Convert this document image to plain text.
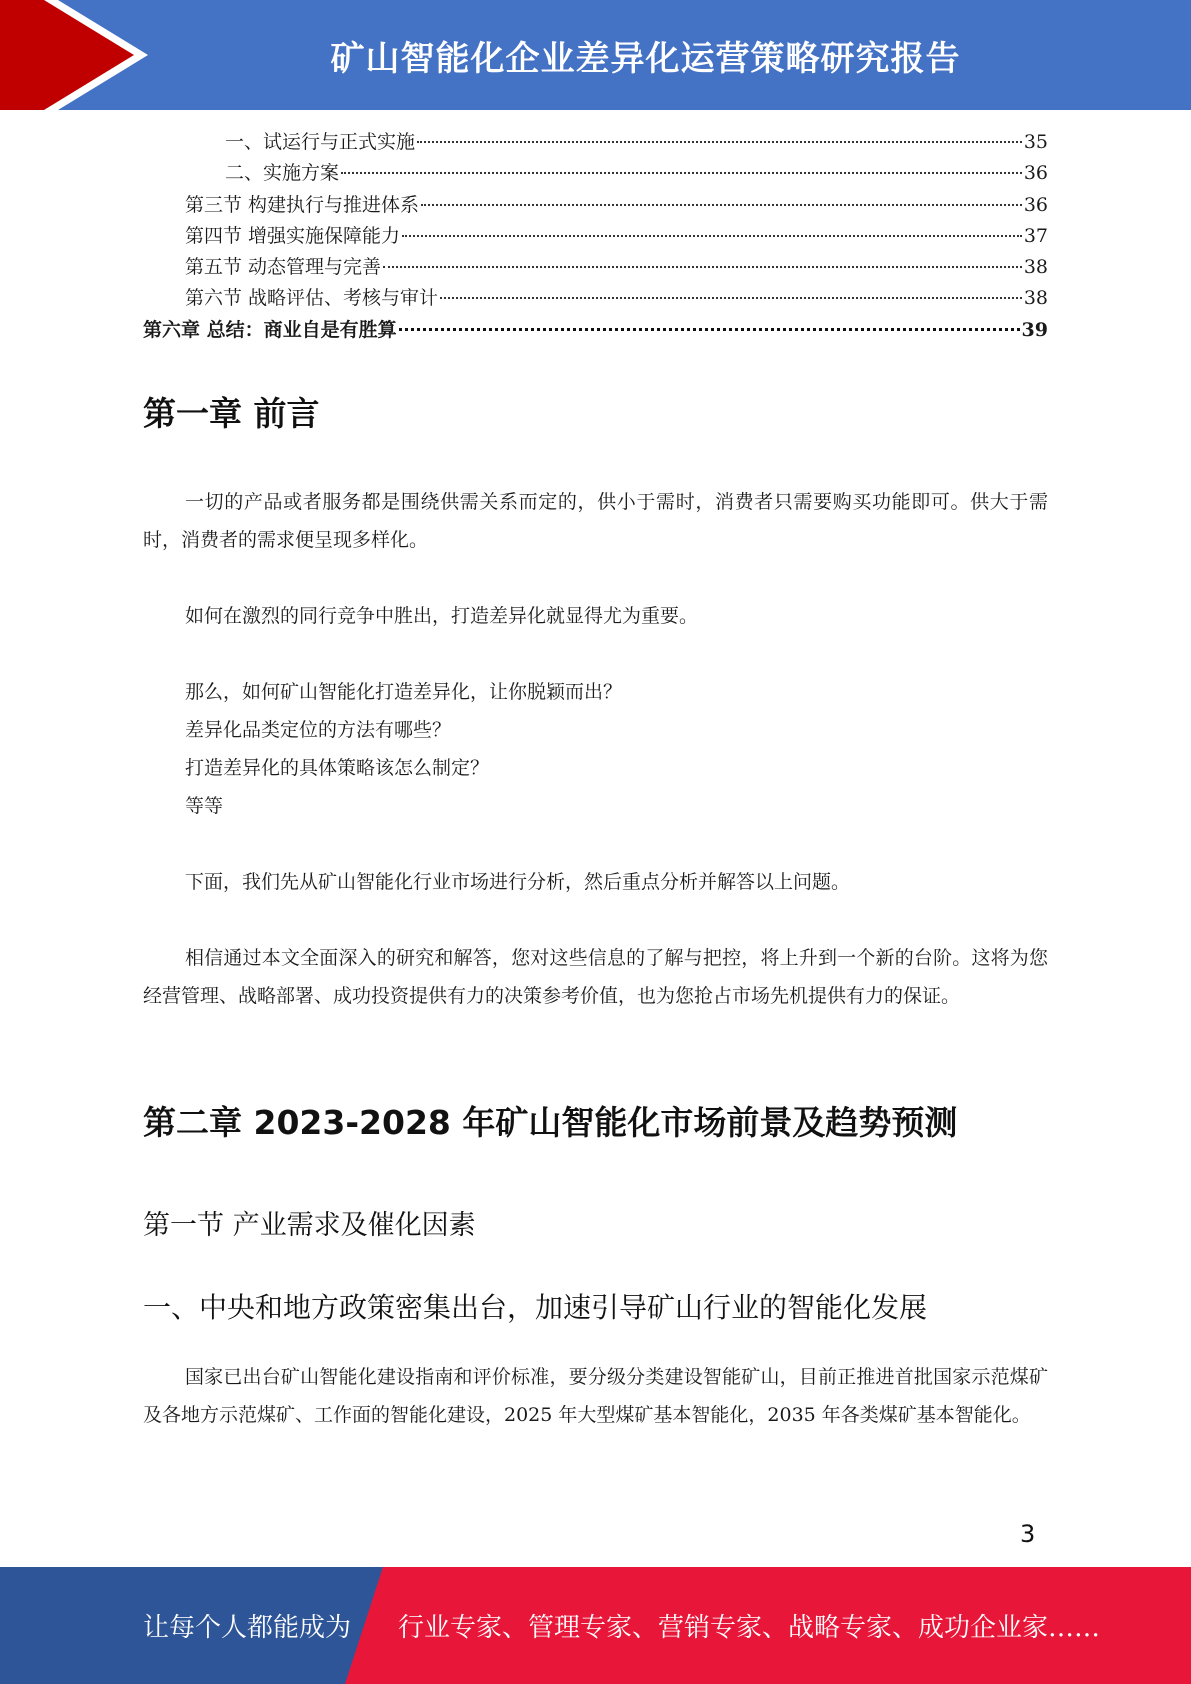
矿山智能化企业差异化运营策略研究报告
一、试运行与正式实施	35
二、实施方案	36
第三节 构建执行与推进体系	36
第四节 增强实施保障能力	37
第五节 动态管理与完善	38
第六节 战略评估、考核与审计	38
第六章 总结：商业自是有胜算	39
第一章 前言

一切的产品或者服务都是围绕供需关系而定的，供小于需时，消费者只需要购买功能即可。供大于需时，消费者的需求便呈现多样化。

如何在激烈的同行竞争中胜出，打造差异化就显得尤为重要。

那么，如何矿山智能化打造差异化，让你脱颖而出？
差异化品类定位的方法有哪些？
打造差异化的具体策略该怎么制定？
等等

下面，我们先从矿山智能化行业市场进行分析，然后重点分析并解答以上问题。

相信通过本文全面深入的研究和解答，您对这些信息的了解与把控，将上升到一个新的台阶。这将为您经营管理、战略部署、成功投资提供有力的决策参考价值，也为您抢占市场先机提供有力的保证。

第二章 2023-2028 年矿山智能化市场前景及趋势预测
第一节 产业需求及催化因素
一、中央和地方政策密集出台，加速引导矿山行业的智能化发展

国家已出台矿山智能化建设指南和评价标准，要分级分类建设智能矿山，目前正推进首批国家示范煤矿及各地方示范煤矿、工作面的智能化建设，2025 年大型煤矿基本智能化，2035 年各类煤矿基本智能化。

3
让每个人都能成为 行业专家、管理专家、营销专家、战略专家、成功企业家……
